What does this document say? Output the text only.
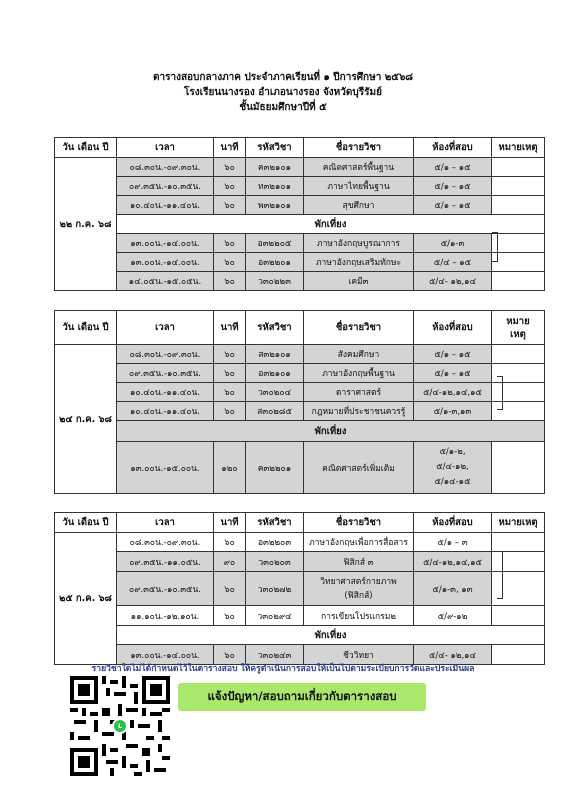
ตารางสอบกลางภาค ประจำภาคเรียนที่ ๑ ปีการศึกษา ๒๕๖๘
โรงเรียนนางรอง อำเภอนางรอง จังหวัดบุรีรัมย์
ชั้นมัธยมศึกษาปีที่ ๕
วัน เดือน ปี	เวลา	นาที	รหัสวิชา	ชื่อรายวิชา	ห้องที่สอบ	หมายเหตุ
๒๒ ก.ค. ๖๘	๐๘.๓๐น.-๐๙.๓๐น.	๖๐	ค๓๒๑๐๑	คณิตศาสตร์พื้นฐาน	๕/๑ – ๑๕	
	๐๙.๓๕น.-๑๐.๓๕น.	๖๐	ท๓๒๑๐๑	ภาษาไทยพื้นฐาน	๕/๑ – ๑๕	
	๑๐.๔๐น.-๑๑.๔๐น.	๖๐	พ๓๒๑๐๑	สุขศึกษา	๕/๑ – ๑๕	
	พักเที่ยง					
	๑๓.๐๐น.-๑๔.๐๐น.	๖๐	อ๓๒๒๐๕	ภาษาอังกฤษบูรณาการ	๕/๑-๓	
	๑๓.๐๐น.-๑๔.๐๐น.	๖๐	อ๓๒๒๐๑	ภาษาอังกฤษเสริมทักษะ	๕/๔ – ๑๕	
	๑๔.๐๕น.-๑๕.๐๕น.	๖๐	ว๓๐๒๒๓	เคมี๓	๕/๔- ๑๒,๑๔	
วัน เดือน ปี	เวลา	นาที	รหัสวิชา	ชื่อรายวิชา	ห้องที่สอบ	หมาย
เหตุ

๒๔ ก.ค. ๖๘	๐๘.๓๐น.-๐๙.๓๐น.	๖๐	ส๓๒๑๐๑	สังคมศึกษา	๕/๑ – ๑๕	
	๐๙.๓๕น.-๑๐.๓๕น.	๖๐	อ๓๒๑๐๑	ภาษาอังกฤษพื้นฐาน	๕/๑ – ๑๕	
	๑๐.๔๐น.-๑๑.๔๐น.	๖๐	ว๓๐๒๐๔	ดาราศาสตร์	๕/๔-๑๒,๑๔,๑๕	
	๑๐.๔๐น.-๑๑.๔๐น.	๖๐	ส๓๐๒๘๕	กฎหมายที่ประชาชนควรรู้	๕/๑-๓,๑๓	
	พักเที่ยง					
	๑๓.๐๐น.-๑๕.๐๐น.	๑๒๐	ค๓๒๒๐๑	คณิตศาสตร์เพิ่มเติม	๕/๑-๒,
๕/๔-๑๒,
๕/๑๔-๑๕	

วัน เดือน ปี	เวลา	นาที	รหัสวิชา	ชื่อรายวิชา	ห้องที่สอบ	หมายเหตุ
๒๕ ก.ค. ๖๘	๐๘.๓๐น.-๐๙.๓๐น.	๖๐	อ๓๒๒๐๓	ภาษาอังกฤษเพื่อการสื่อสาร	๕/๑ – ๓	
	๐๙.๓๕น.-๑๑.๐๕น.	๙๐	ว๓๐๒๐๓	ฟิสิกส์ ๓	๕/๔-๑๒,๑๔,๑๕	
	๐๙.๓๕น.-๑๐.๓๕น.	๖๐	ว๓๐๒๗๒	วิทยาศาสตร์กายภาพ
(ฟิสิกส์)	๕/๑-๓, ๑๓	
	๑๑.๑๐น.-๑๒.๑๐น.	๖๐	ว๓๐๒๙๔	การเขียนโปรแกรม๒	๕/๙-๑๒	
	พักเที่ยง					
	๑๓.๐๐น.-๑๔.๐๐น.	๖๐	ว๓๐๒๔๓	ชีววิทยา	๕/๔- ๑๒,๑๔	
รายวิชาใดไม่ได้กำหนดไว้ในตารางสอบ ให้ครูดำเนินการสอบให้เป็นไปตามระเบียบการวัดและประเมินผล
L
แจ้งปัญหา/สอบถามเกี่ยวกับตารางสอบ
